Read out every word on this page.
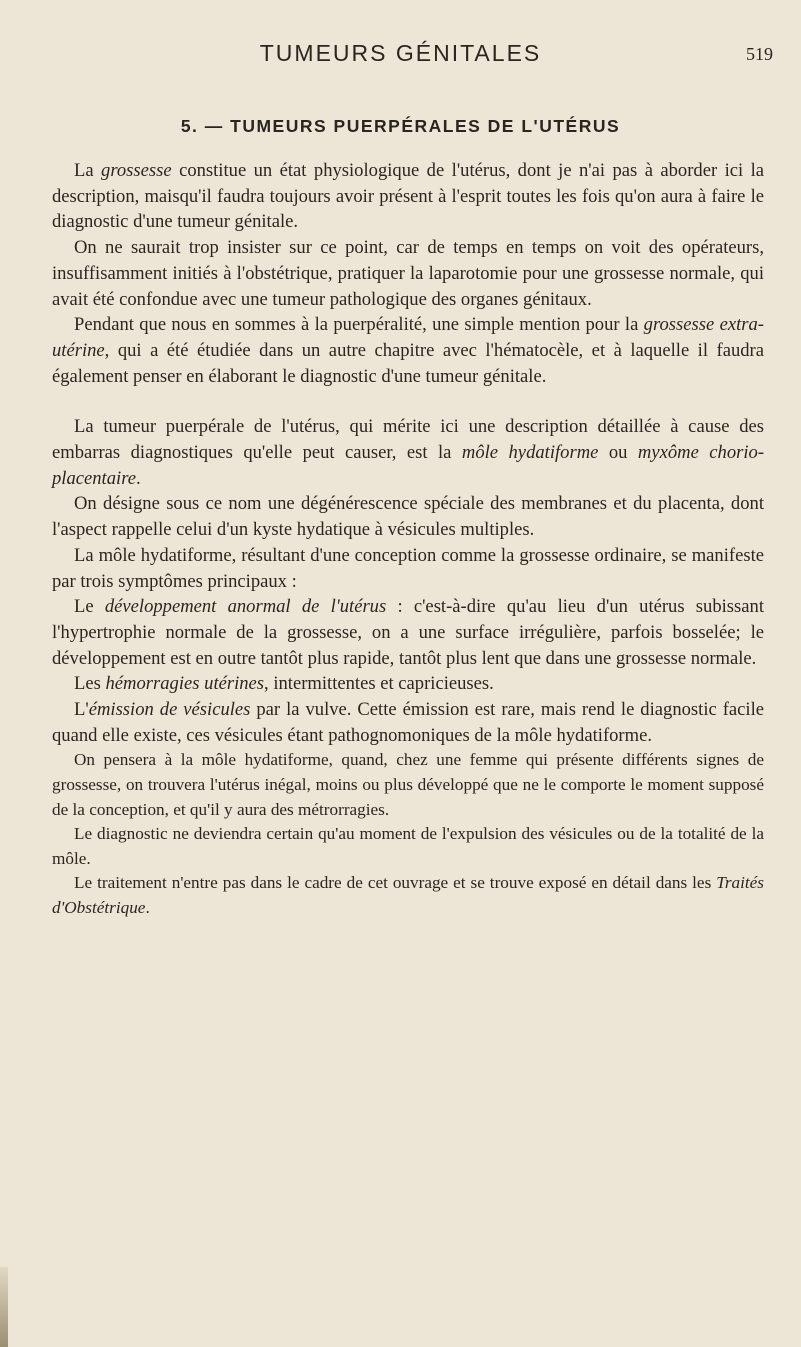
TUMEURS GÉNITALES	519
5. — TUMEURS PUERPÉRALES DE L'UTÉRUS

La grossesse constitue un état physiologique de l'utérus, dont je n'ai pas à aborder ici la description, maisqu'il faudra toujours avoir présent à l'esprit toutes les fois qu'on aura à faire le diagnostic d'une tumeur génitale.

On ne saurait trop insister sur ce point, car de temps en temps on voit des opérateurs, insuffisamment initiés à l'obstétrique, pratiquer la laparotomie pour une grossesse normale, qui avait été confondue avec une tumeur pathologique des organes génitaux.

Pendant que nous en sommes à la puerpéralité, une simple mention pour la grossesse extra-utérine, qui a été étudiée dans un autre chapitre avec l'hématocèle, et à laquelle il faudra également penser en élaborant le diagnostic d'une tumeur génitale.

La tumeur puerpérale de l'utérus, qui mérite ici une description détaillée à cause des embarras diagnostiques qu'elle peut causer, est la môle hydatiforme ou myxôme chorio-placentaire.

On désigne sous ce nom une dégénérescence spéciale des membranes et du placenta, dont l'aspect rappelle celui d'un kyste hydatique à vésicules multiples.

La môle hydatiforme, résultant d'une conception comme la grossesse ordinaire, se manifeste par trois symptômes principaux :

Le développement anormal de l'utérus : c'est-à-dire qu'au lieu d'un utérus subissant l'hypertrophie normale de la grossesse, on a une surface irrégulière, parfois bosselée; le développement est en outre tantôt plus rapide, tantôt plus lent que dans une grossesse normale.

Les hémorragies utérines, intermittentes et capricieuses.

L'émission de vésicules par la vulve. Cette émission est rare, mais rend le diagnostic facile quand elle existe, ces vésicules étant pathognomoniques de la môle hydatiforme.

On pensera à la môle hydatiforme, quand, chez une femme qui présente différents signes de grossesse, on trouvera l'utérus inégal, moins ou plus développé que ne le comporte le moment supposé de la conception, et qu'il y aura des métrorragies.

Le diagnostic ne deviendra certain qu'au moment de l'expulsion des vésicules ou de la totalité de la môle.

Le traitement n'entre pas dans le cadre de cet ouvrage et se trouve exposé en détail dans les Traités d'Obstétrique.
